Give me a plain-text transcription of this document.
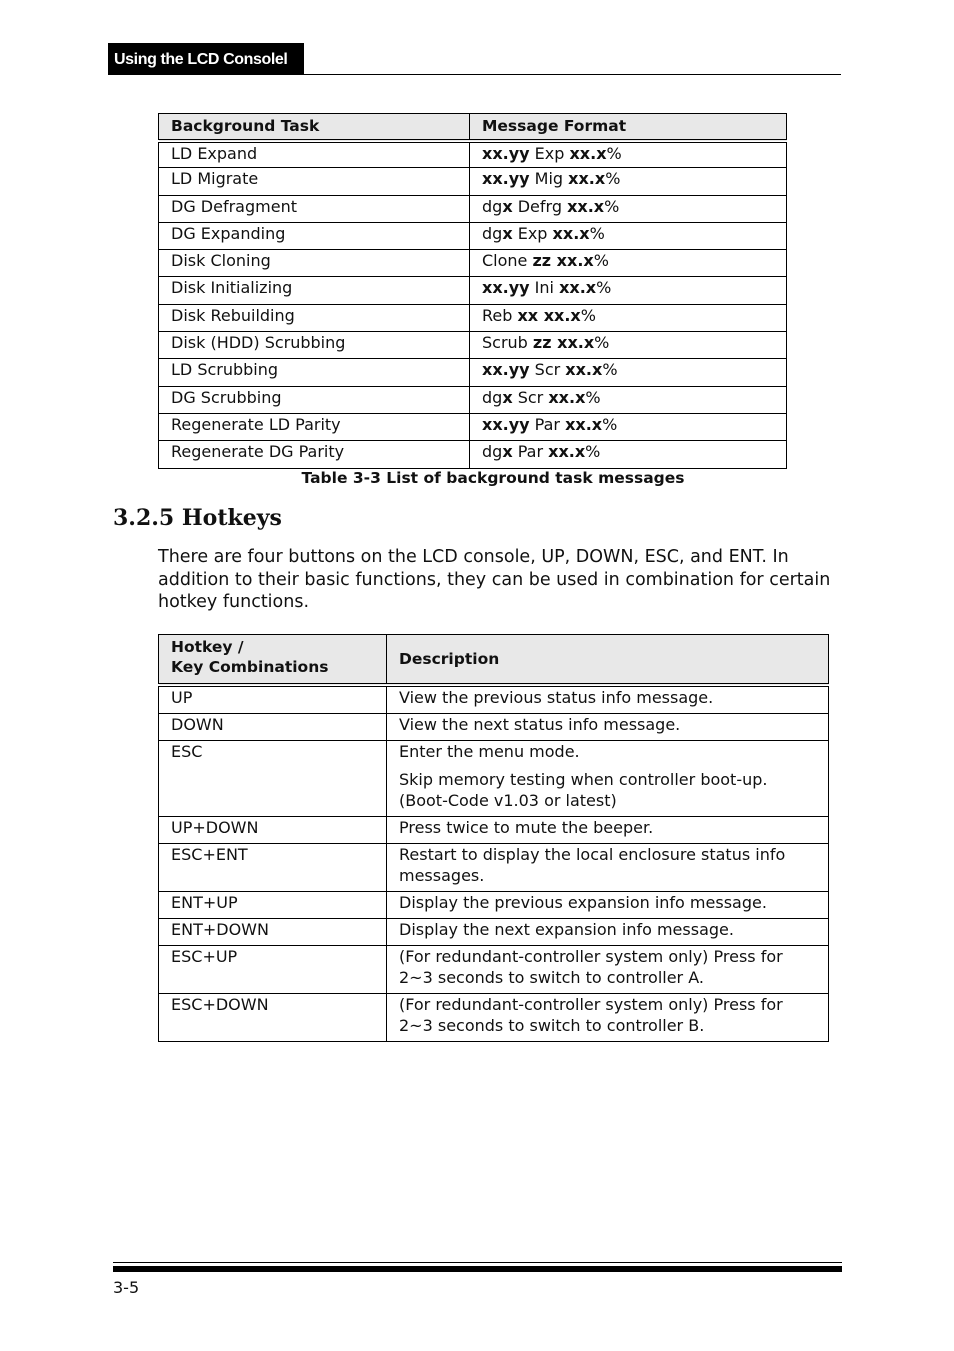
Using the LCD Consolel
Background Task	Message Format
LD Expand	xx.yy Exp xx.x%
LD Migrate	xx.yy Mig xx.x%
DG Defragment	dgx Defrg xx.x%
DG Expanding	dgx Exp xx.x%
Disk Cloning	Clone zz xx.x%
Disk Initializing	xx.yy Ini xx.x%
Disk Rebuilding	Reb xx xx.x%
Disk (HDD) Scrubbing	Scrub zz xx.x%
LD Scrubbing	xx.yy Scr xx.x%
DG Scrubbing	dgx Scr xx.x%
Regenerate LD Parity	xx.yy Par xx.x%
Regenerate DG Parity	dgx Par xx.x%
Table 3-3 List of background task messages
3.2.5 Hotkeys
There are four buttons on the LCD console, UP, DOWN, ESC, and ENT. In addition to their basic functions, they can be used in combination for certain hotkey functions.
Hotkey /
Key Combinations	Description
UP	View the previous status info message.

DOWN	View the next status info message.

ESC	Enter the menu mode.

Skip memory testing when controller boot-up.(Boot-Code v1.03 or latest)

UP+DOWN	Press twice to mute the beeper.

ESC+ENT	Restart to display the local enclosure status info messages.

ENT+UP	Display the previous expansion info message.

ENT+DOWN	Display the next expansion info message.

ESC+UP	(For redundant-controller system only) Press for 2~3 seconds to switch to controller A.

ESC+DOWN	(For redundant-controller system only) Press for 2~3 seconds to switch to controller B.

3-5
